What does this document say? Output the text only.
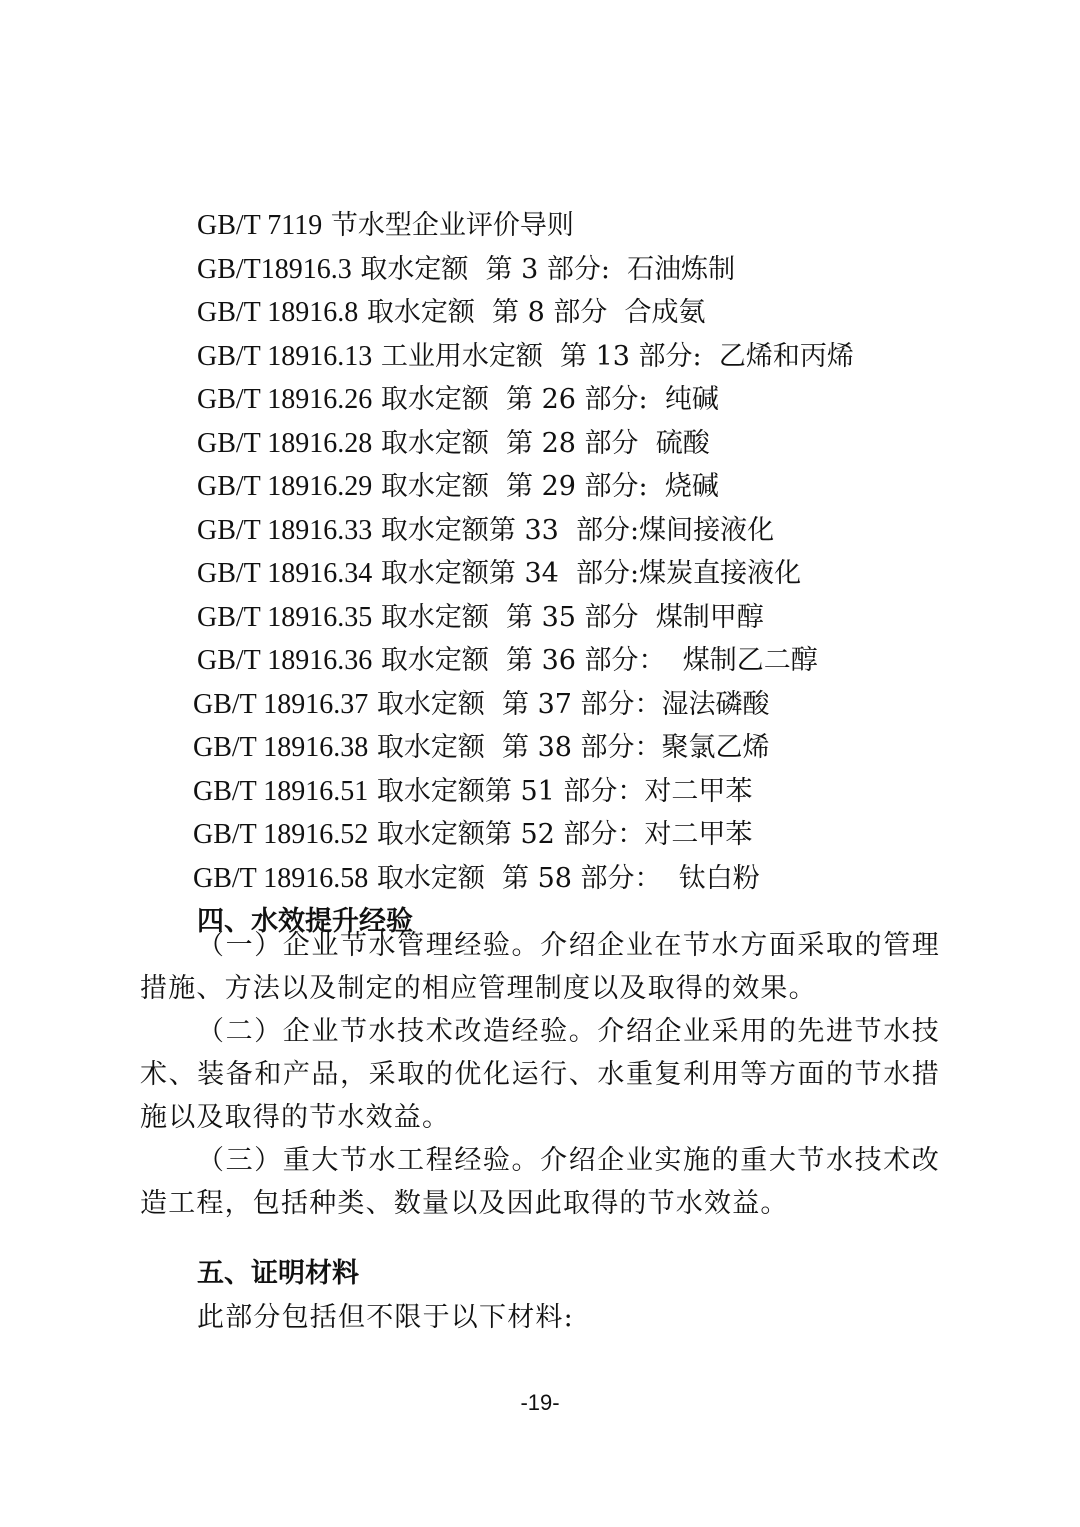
GB/T 7119 节水型企业评价导则
GB/T18916.3 取水定额  第 3 部分:  石油炼制
GB/T 18916.8 取水定额  第 8 部分  合成氨
GB/T 18916.13 工业用水定额  第 13 部分:  乙烯和丙烯
GB/T 18916.26 取水定额  第 26 部分:  纯碱
GB/T 18916.28 取水定额  第 28 部分  硫酸
GB/T 18916.29 取水定额  第 29 部分:  烧碱
GB/T 18916.33 取水定额第 33  部分:煤间接液化
GB/T 18916.34 取水定额第 34  部分:煤炭直接液化
GB/T 18916.35 取水定额  第 35 部分  煤制甲醇
GB/T 18916.36 取水定额  第 36 部分：  煤制乙二醇
GB/T 18916.37 取水定额  第 37 部分：湿法磷酸
GB/T 18916.38 取水定额  第 38 部分：聚氯乙烯
GB/T 18916.51 取水定额第 51 部分：对二甲苯
GB/T 18916.52 取水定额第 52 部分：对二甲苯
GB/T 18916.58 取水定额  第 58 部分：  钛白粉
四、水效提升经验

（一）企业节水管理经验。介绍企业在节水方面采取的管理措施、方法以及制定的相应管理制度以及取得的效果。

（二）企业节水技术改造经验。介绍企业采用的先进节水技术、装备和产品，采取的优化运行、水重复利用等方面的节水措施以及取得的节水效益。

（三）重大节水工程经验。介绍企业实施的重大节水技术改造工程，包括种类、数量以及因此取得的节水效益。

五、证明材料
此部分包括但不限于以下材料:
-19-
